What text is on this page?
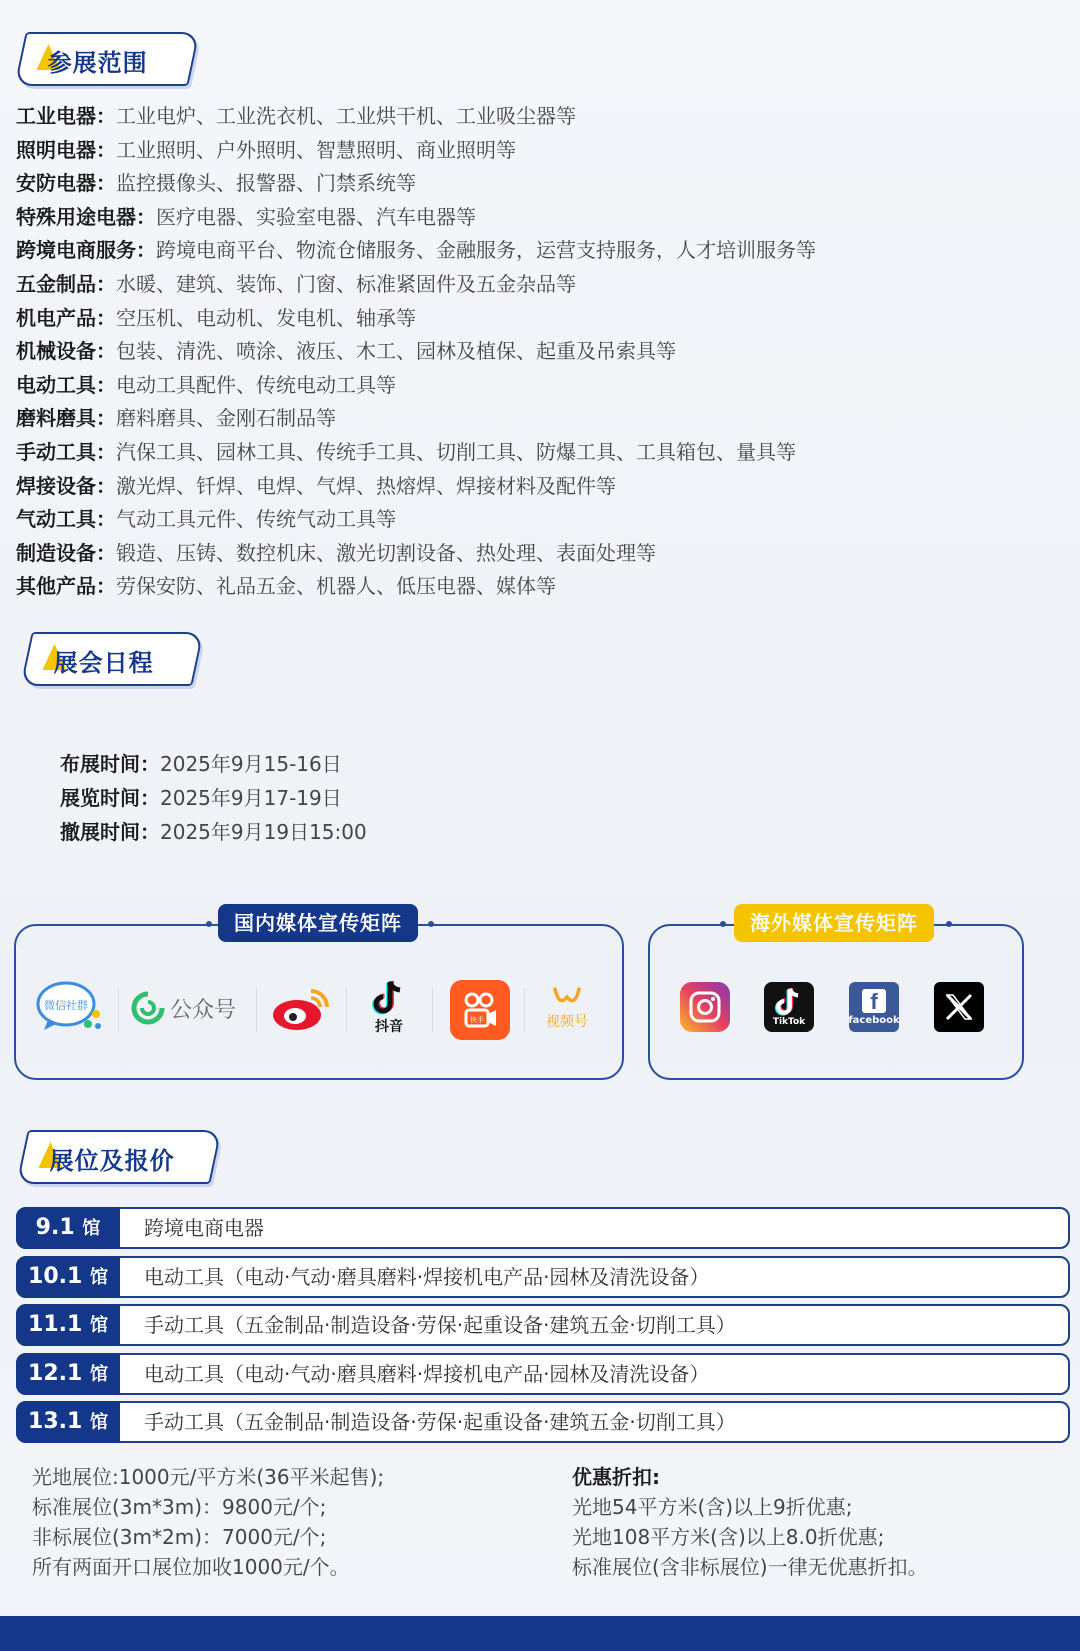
参展范围
工业电器：工业电炉、工业洗衣机、工业烘干机、工业吸尘器等
照明电器：工业照明、户外照明、智慧照明、商业照明等
安防电器：监控摄像头、报警器、门禁系统等
特殊用途电器：医疗电器、实验室电器、汽车电器等
跨境电商服务：跨境电商平台、物流仓储服务、金融服务，运营支持服务，人才培训服务等
五金制品：水暖、建筑、装饰、门窗、标准紧固件及五金杂品等
机电产品：空压机、电动机、发电机、轴承等
机械设备：包装、清洗、喷涂、液压、木工、园林及植保、起重及吊索具等
电动工具：电动工具配件、传统电动工具等
磨料磨具：磨料磨具、金刚石制品等
手动工具：汽保工具、园林工具、传统手工具、切削工具、防爆工具、工具箱包、量具等
焊接设备：激光焊、钎焊、电焊、气焊、热熔焊、焊接材料及配件等
气动工具：气动工具元件、传统气动工具等
制造设备：锻造、压铸、数控机床、激光切割设备、热处理、表面处理等
其他产品：劳保安防、礼品五金、机器人、低压电器、媒体等
展会日程
布展时间：2025年9月15-16日
展览时间：2025年9月17-19日
撤展时间：2025年9月19日15:00
国内媒体宣传矩阵
微信社群	公众号
抖音	快手	视频号
海外媒体宣传矩阵
TikTok
f
facebook
展位及报价
9.1 馆	跨境电商电器
10.1 馆	电动工具（电动·气动·磨具磨料·焊接机电产品·园林及清洗设备）
11.1 馆	手动工具（五金制品·制造设备·劳保·起重设备·建筑五金·切削工具）
12.1 馆	电动工具（电动·气动·磨具磨料·焊接机电产品·园林及清洗设备）
13.1 馆	手动工具（五金制品·制造设备·劳保·起重设备·建筑五金·切削工具）
光地展位:1000元/平方米(36平米起售);
标准展位(3m*3m)：9800元/个;
非标展位(3m*2m)：7000元/个;
所有两面开口展位加收1000元/个。
优惠折扣:
光地54平方米(含)以上9折优惠;
光地108平方米(含)以上8.0折优惠;
标准展位(含非标展位)一律无优惠折扣。
